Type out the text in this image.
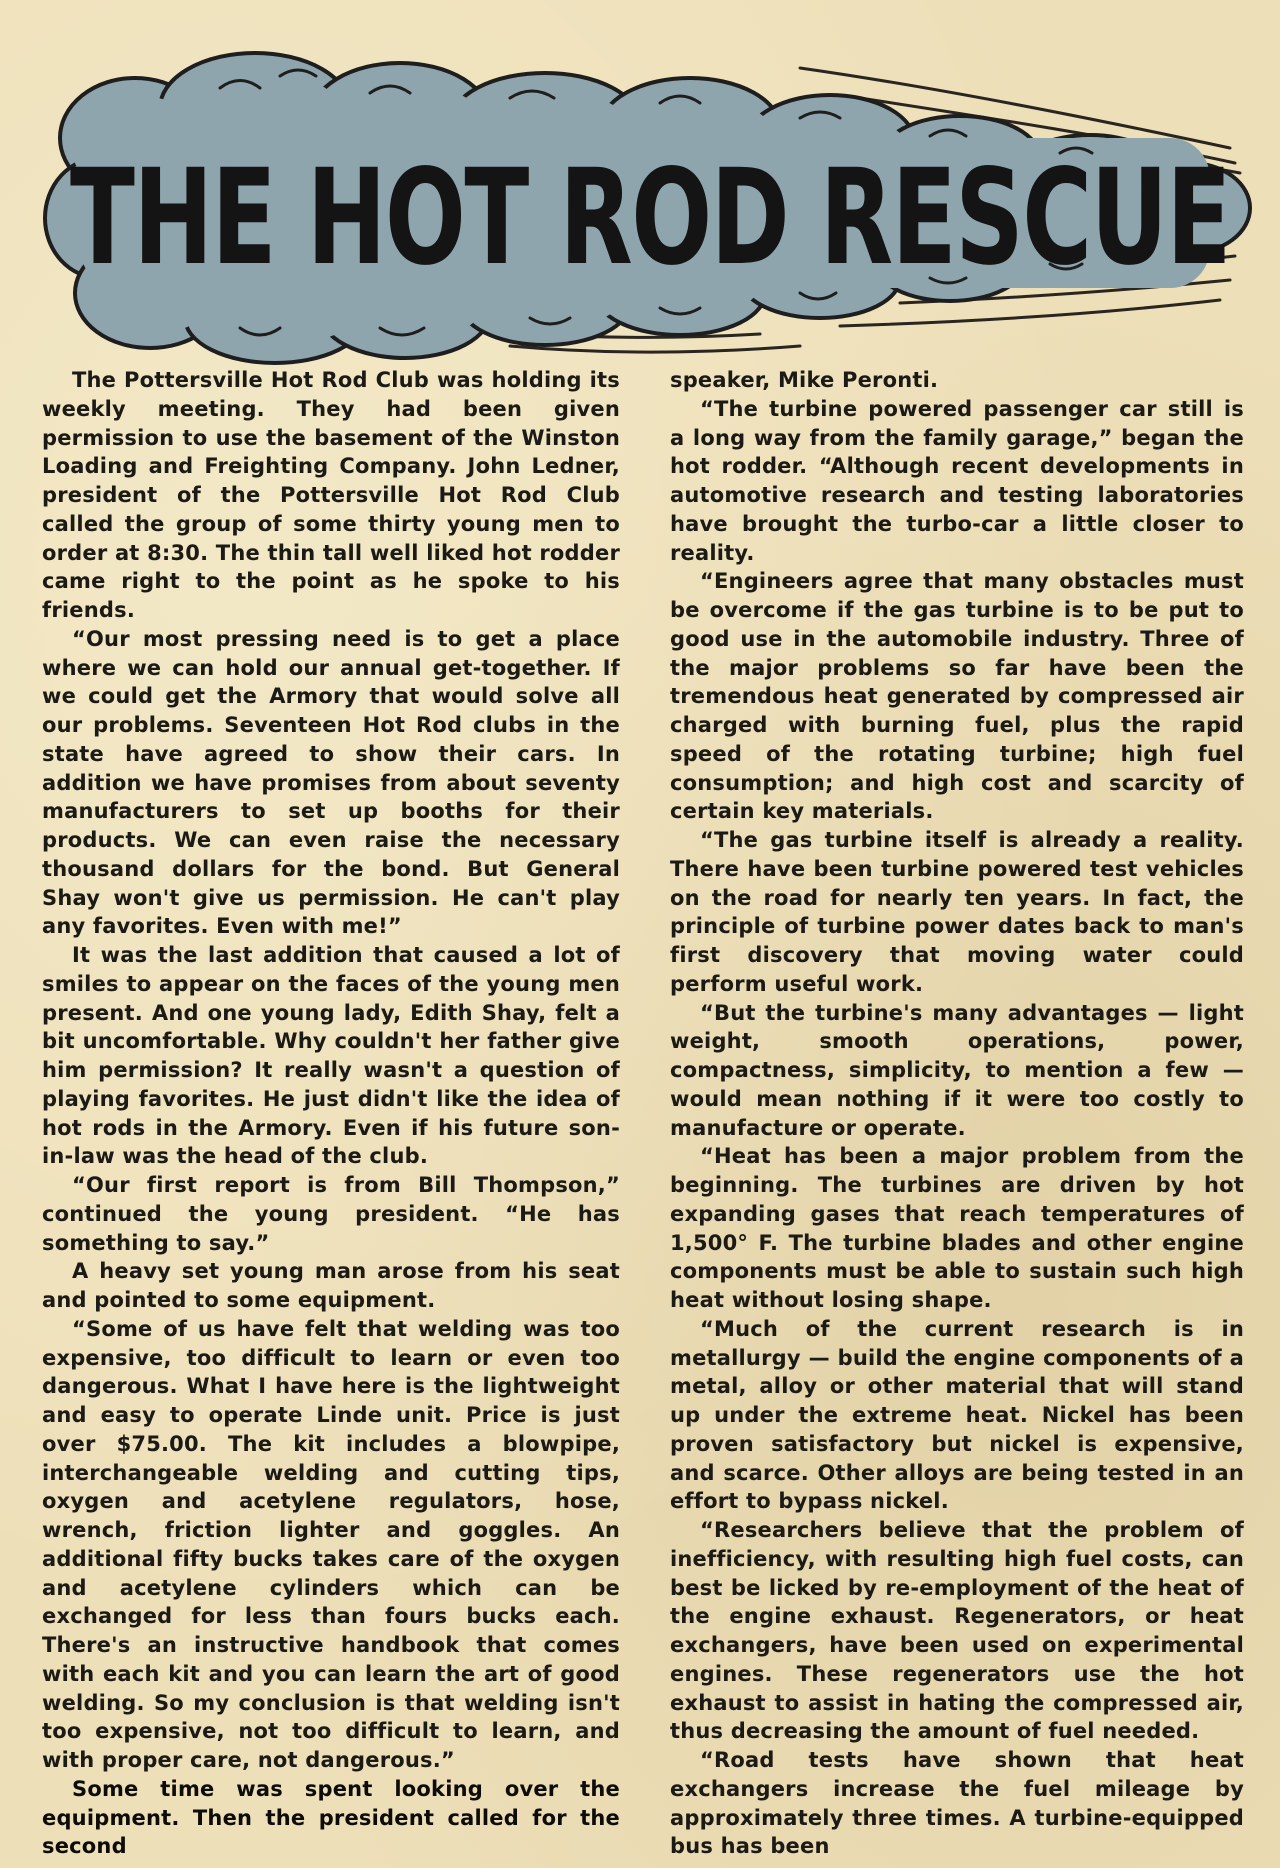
THE HOT ROD RESCUE

The Pottersville Hot Rod Club was holding its weekly meeting. They had been given permission to use the basement of the Winston Loading and Freighting Company. John Ledner, president of the Pottersville Hot Rod Club called the group of some thirty young men to order at 8:30. The thin tall well liked hot rodder came right to the point as he spoke to his friends.

“Our most pressing need is to get a place where we can hold our annual get-together. If we could get the Armory that would solve all our problems. Seventeen Hot Rod clubs in the state have agreed to show their cars. In addition we have promises from about seventy manufacturers to set up booths for their products. We can even raise the necessary thousand dollars for the bond. But General Shay won't give us permission. He can't play any favorites. Even with me!”

It was the last addition that caused a lot of smiles to appear on the faces of the young men present. And one young lady, Edith Shay, felt a bit uncomfortable. Why couldn't her father give him permission? It really wasn't a question of playing favorites. He just didn't like the idea of hot rods in the Armory. Even if his future son-in-law was the head of the club.

“Our first report is from Bill Thompson,” continued the young president. “He has something to say.”

A heavy set young man arose from his seat and pointed to some equipment.

“Some of us have felt that welding was too expensive, too difficult to learn or even too dangerous. What I have here is the lightweight and easy to operate Linde unit. Price is just over $75.00. The kit includes a blowpipe, interchangeable welding and cutting tips, oxygen and acetylene regulators, hose, wrench, friction lighter and goggles. An additional fifty bucks takes care of the oxygen and acetylene cylinders which can be exchanged for less than fours bucks each. There's an instructive handbook that comes with each kit and you can learn the art of good welding. So my conclusion is that welding isn't too expensive, not too difficult to learn, and with proper care, not dangerous.”

Some time was spent looking over the equipment. Then the president called for the second

speaker, Mike Peronti.

“The turbine powered passenger car still is a long way from the family garage,” began the hot rodder. “Although recent developments in automotive research and testing laboratories have brought the turbo-car a little closer to reality.

“Engineers agree that many obstacles must be overcome if the gas turbine is to be put to good use in the automobile industry. Three of the major problems so far have been the tremendous heat generated by compressed air charged with burning fuel, plus the rapid speed of the rotating turbine; high fuel consumption; and high cost and scarcity of certain key materials.

“The gas turbine itself is already a reality. There have been turbine powered test vehicles on the road for nearly ten years. In fact, the principle of turbine power dates back to man's first discovery that moving water could perform useful work.

“But the turbine's many advantages — light weight, smooth operations, power, compactness, simplicity, to mention a few — would mean nothing if it were too costly to manufacture or operate.

“Heat has been a major problem from the beginning. The turbines are driven by hot expanding gases that reach temperatures of 1,500° F. The turbine blades and other engine components must be able to sustain such high heat without losing shape.

“Much of the current research is in metallurgy — build the engine components of a metal, alloy or other material that will stand up under the extreme heat. Nickel has been proven satisfactory but nickel is expensive, and scarce. Other alloys are being tested in an effort to bypass nickel.

“Researchers believe that the problem of inefficiency, with resulting high fuel costs, can best be licked by re-employment of the heat of the engine exhaust. Regenerators, or heat exchangers, have been used on experimental engines. These regenerators use the hot exhaust to assist in hating the compressed air, thus decreasing the amount of fuel needed.

“Road tests have shown that heat exchangers increase the fuel mileage by approximately three times. A turbine-equipped bus has been
